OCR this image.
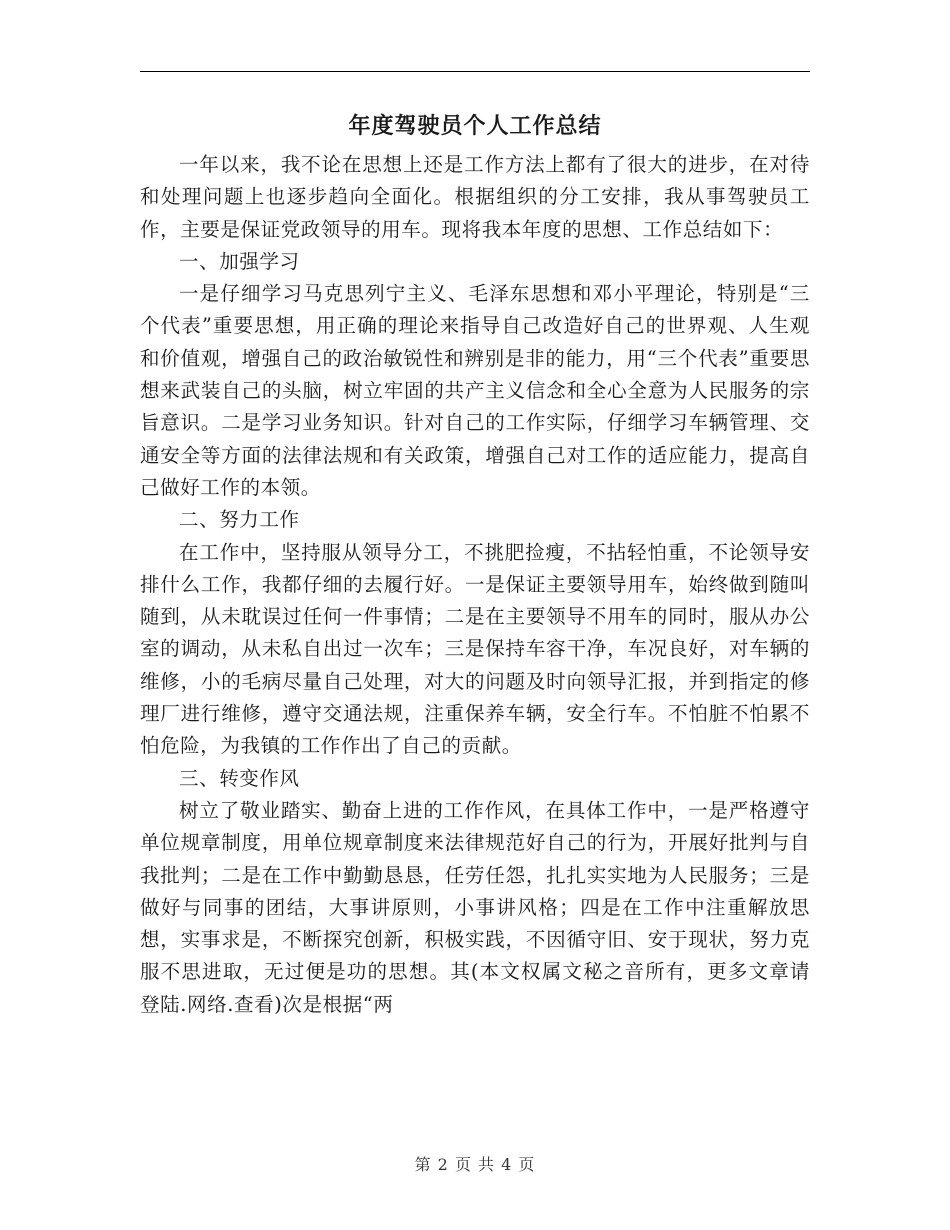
年度驾驶员个人工作总结

一年以来，我不论在思想上还是工作方法上都有了很大的进步，在对待和处理问题上也逐步趋向全面化。根据组织的分工安排，我从事驾驶员工作，主要是保证党政领导的用车。现将我本年度的思想、工作总结如下：

一、加强学习

一是仔细学习马克思列宁主义、毛泽东思想和邓小平理论，特别是“三个代表”重要思想，用正确的理论来指导自己改造好自己的世界观、人生观和价值观，增强自己的政治敏锐性和辨别是非的能力，用“三个代表”重要思想来武装自己的头脑，树立牢固的共产主义信念和全心全意为人民服务的宗旨意识。二是学习业务知识。针对自己的工作实际，仔细学习车辆管理、交通安全等方面的法律法规和有关政策，增强自己对工作的适应能力，提高自己做好工作的本领。

二、努力工作

在工作中，坚持服从领导分工，不挑肥捡瘦，不拈轻怕重，不论领导安排什么工作，我都仔细的去履行好。一是保证主要领导用车，始终做到随叫随到，从未耽误过任何一件事情；二是在主要领导不用车的同时，服从办公室的调动，从未私自出过一次车；三是保持车容干净，车况良好，对车辆的维修，小的毛病尽量自己处理，对大的问题及时向领导汇报，并到指定的修理厂进行维修，遵守交通法规，注重保养车辆，安全行车。不怕脏不怕累不怕危险，为我镇的工作作出了自己的贡献。

三、转变作风

树立了敬业踏实、勤奋上进的工作作风，在具体工作中，一是严格遵守单位规章制度，用单位规章制度来法律规范好自己的行为，开展好批判与自我批判；二是在工作中勤勤恳恳，任劳任怨，扎扎实实地为人民服务；三是做好与同事的团结，大事讲原则，小事讲风格；四是在工作中注重解放思想，实事求是，不断探究创新，积极实践，不因循守旧、安于现状，努力克服不思进取，无过便是功的思想。其(本文权属文秘之音所有，更多文章请登陆.网络.查看)次是根据“两

第 2 页 共 4 页
